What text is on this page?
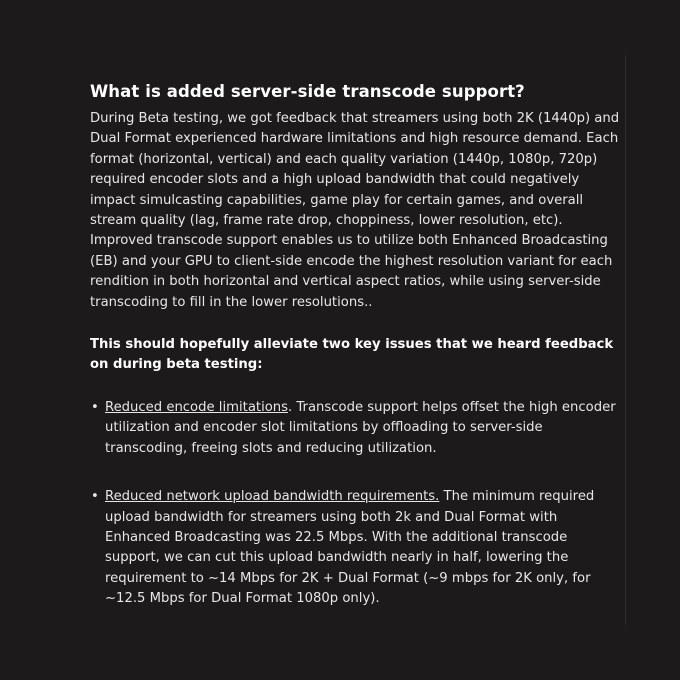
What is added server-side transcode support?

During Beta testing, we got feedback that streamers using both 2K (1440p) and Dual Format experienced hardware limitations and high resource demand. Each format (horizontal, vertical) and each quality variation (1440p, 1080p, 720p) required encoder slots and a high upload bandwidth that could negatively impact simulcasting capabilities, game play for certain games, and overall stream quality (lag, frame rate drop, choppiness, lower resolution, etc). Improved transcode support enables us to utilize both Enhanced Broadcasting (EB) and your GPU to client-side encode the highest resolution variant for each rendition in both horizontal and vertical aspect ratios, while using server-side transcoding to fill in the lower resolutions..

This should hopefully alleviate two key issues that we heard feedback on during beta testing:

• Reduced encode limitations. Transcode support helps offset the high encoder utilization and encoder slot limitations by offloading to server-side transcoding, freeing slots and reducing utilization.
• Reduced network upload bandwidth requirements. The minimum required upload bandwidth for streamers using both 2k and Dual Format with Enhanced Broadcasting was 22.5 Mbps. With the additional transcode support, we can cut this upload bandwidth nearly in half, lowering the requirement to ~14 Mbps for 2K + Dual Format (~9 mbps for 2K only, for ~12.5 Mbps for Dual Format 1080p only).
